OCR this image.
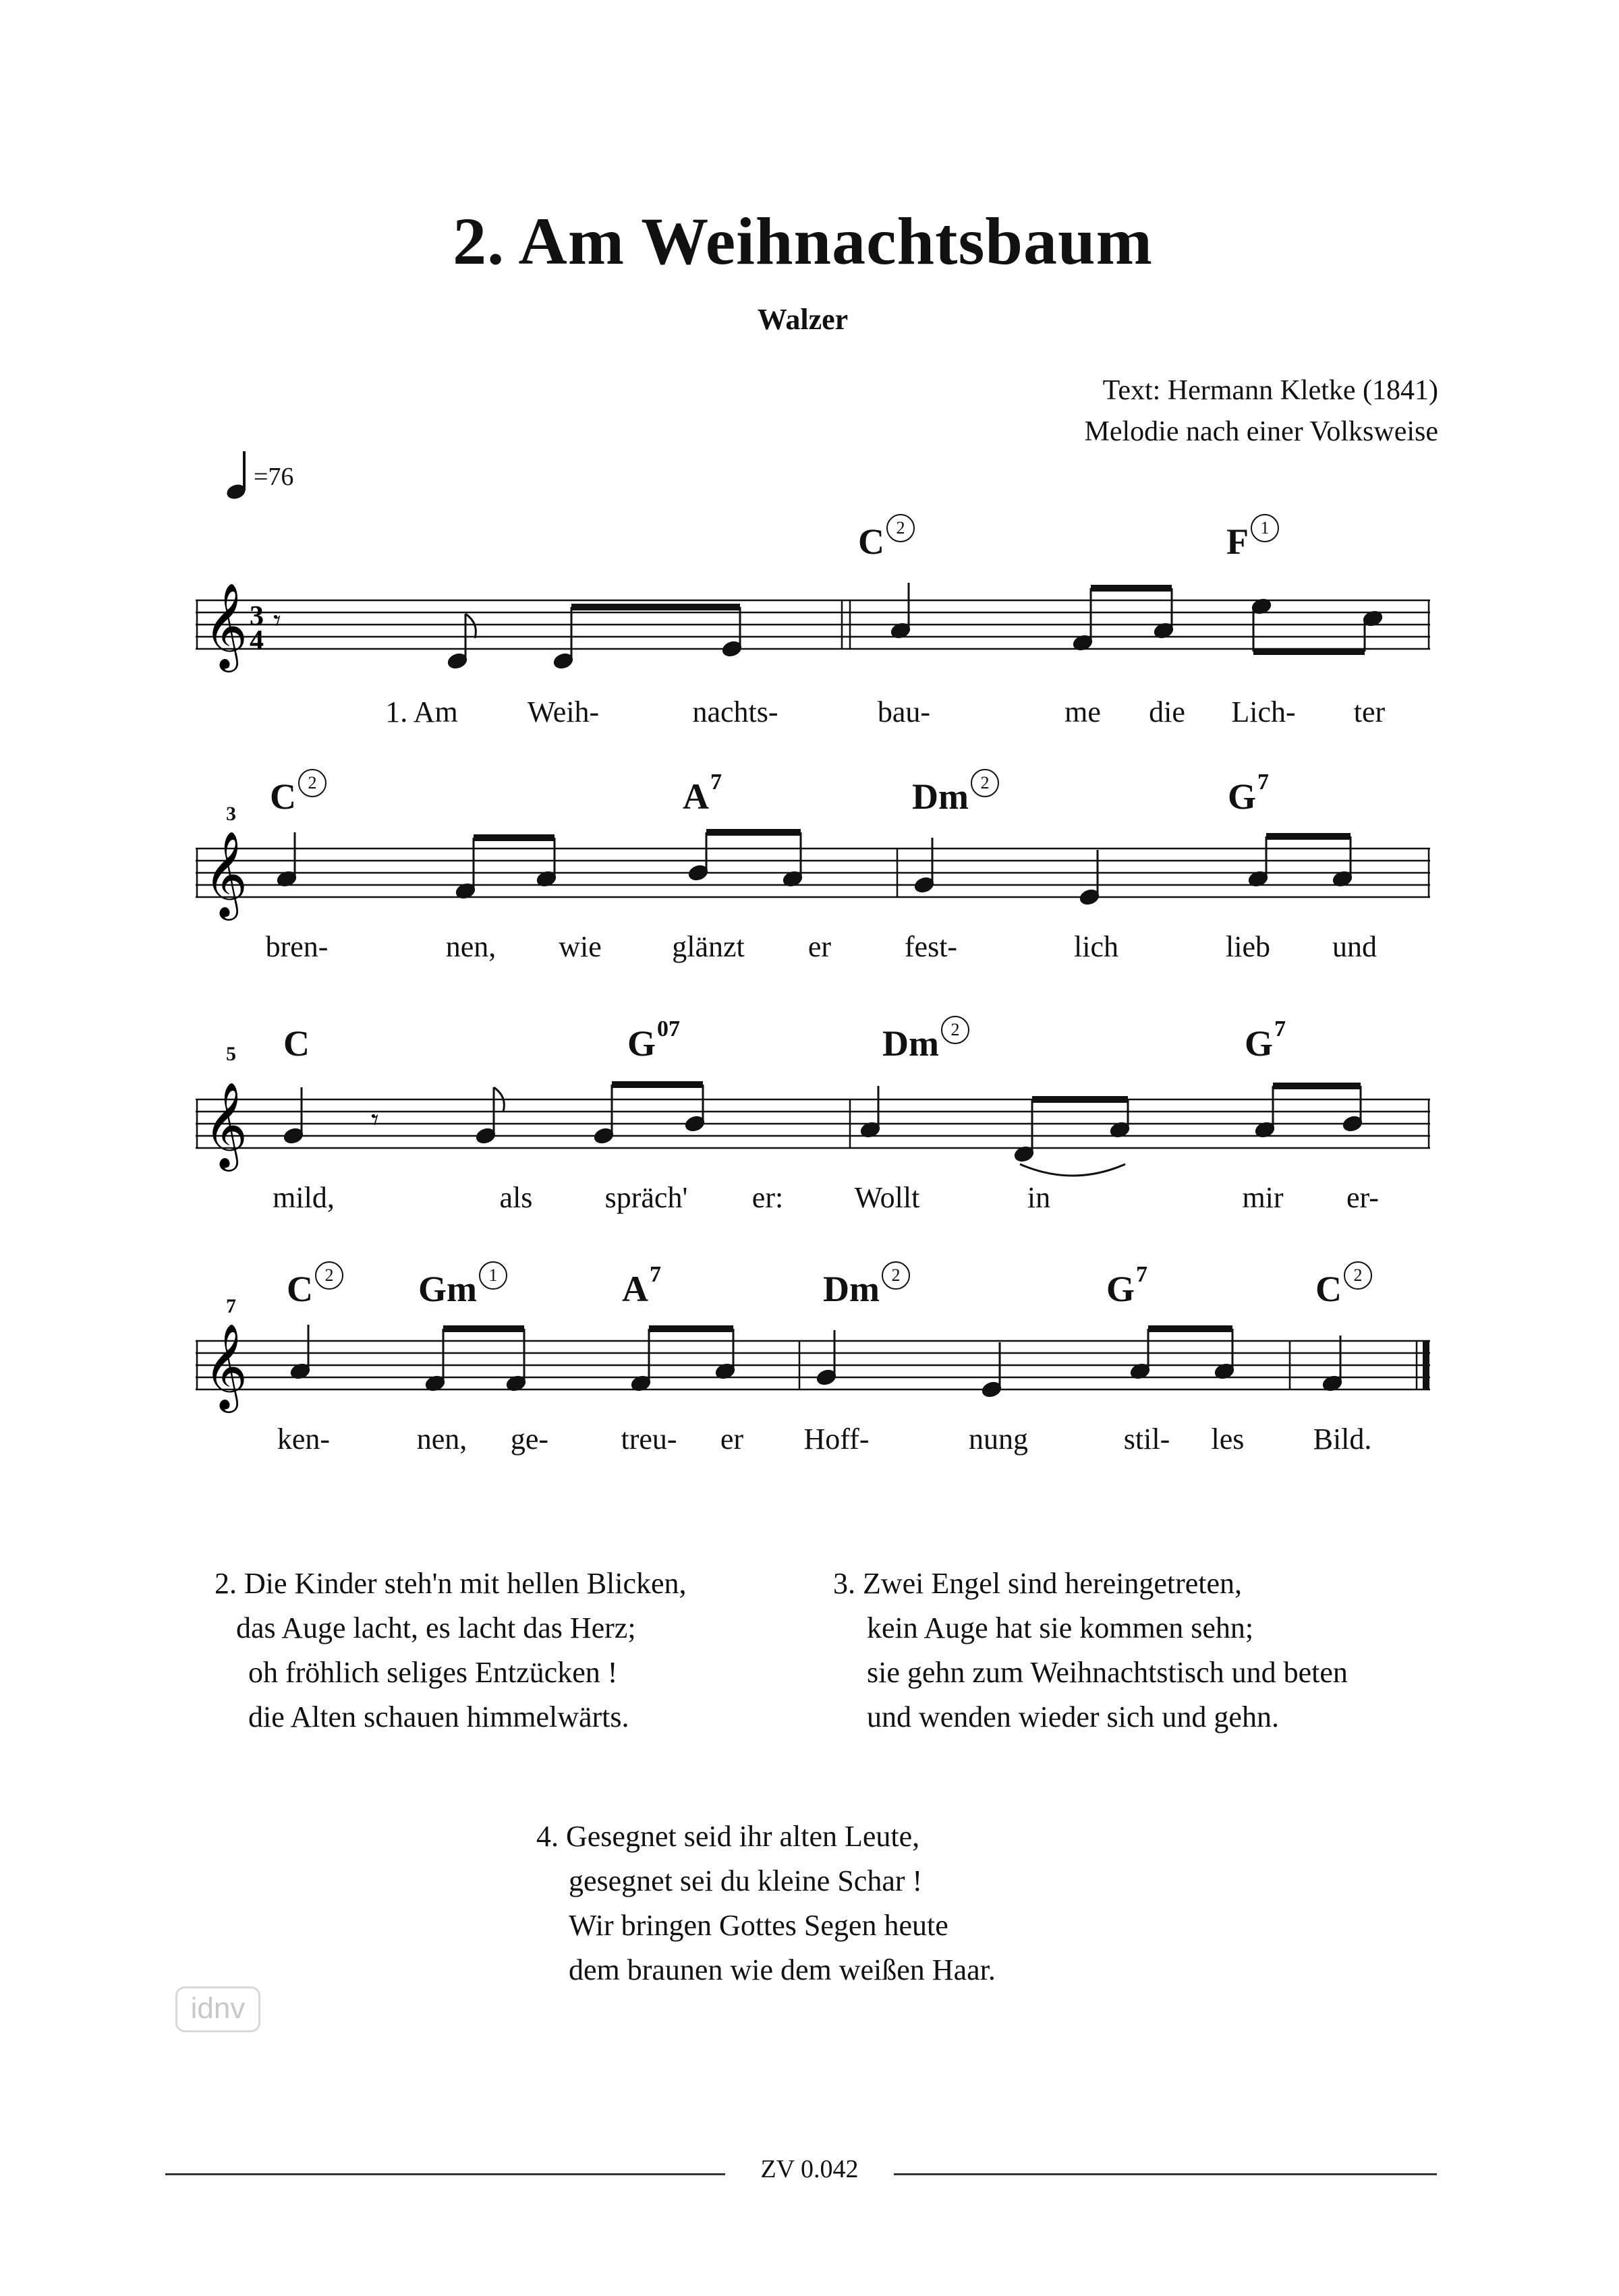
2. Am Weihnachtsbaum
Walzer
Text: Hermann Kletke (1841)
Melodie nach einer Volksweise
=76
C 2	F 1
𝄞 3
4
𝄾
1. Am Weih-	nachts-	bau-	me die Lich- ter
3 C 2	$A^7$	Dm 2	$G^7$
𝄞
bren-	nen, wie glänzt er fest-	lich	lieb und
5 C	$G^{07}$	Dm 2	$G^7$
𝄞	𝄾
mild,	als spräch' er: Wollt	in	mir er-
7 C 2 Gm 1	$A^7$	Dm 2	$G^7$	C 2
𝄞
ken-	nen, ge- treu- er Hoff-	nung	stil- les Bild.
2. Die Kinder steh'n mit hellen Blicken,
das Auge lacht, es lacht das Herz;
oh fröhlich seliges Entzücken !
die Alten schauen himmelwärts.
3. Zwei Engel sind hereingetreten,
kein Auge hat sie kommen sehn;
sie gehn zum Weihnachtstisch und beten
und wenden wieder sich und gehn.
4. Gesegnet seid ihr alten Leute,
gesegnet sei du kleine Schar !
Wir bringen Gottes Segen heute
dem braunen wie dem weißen Haar.
idnv
ZV 0.042
